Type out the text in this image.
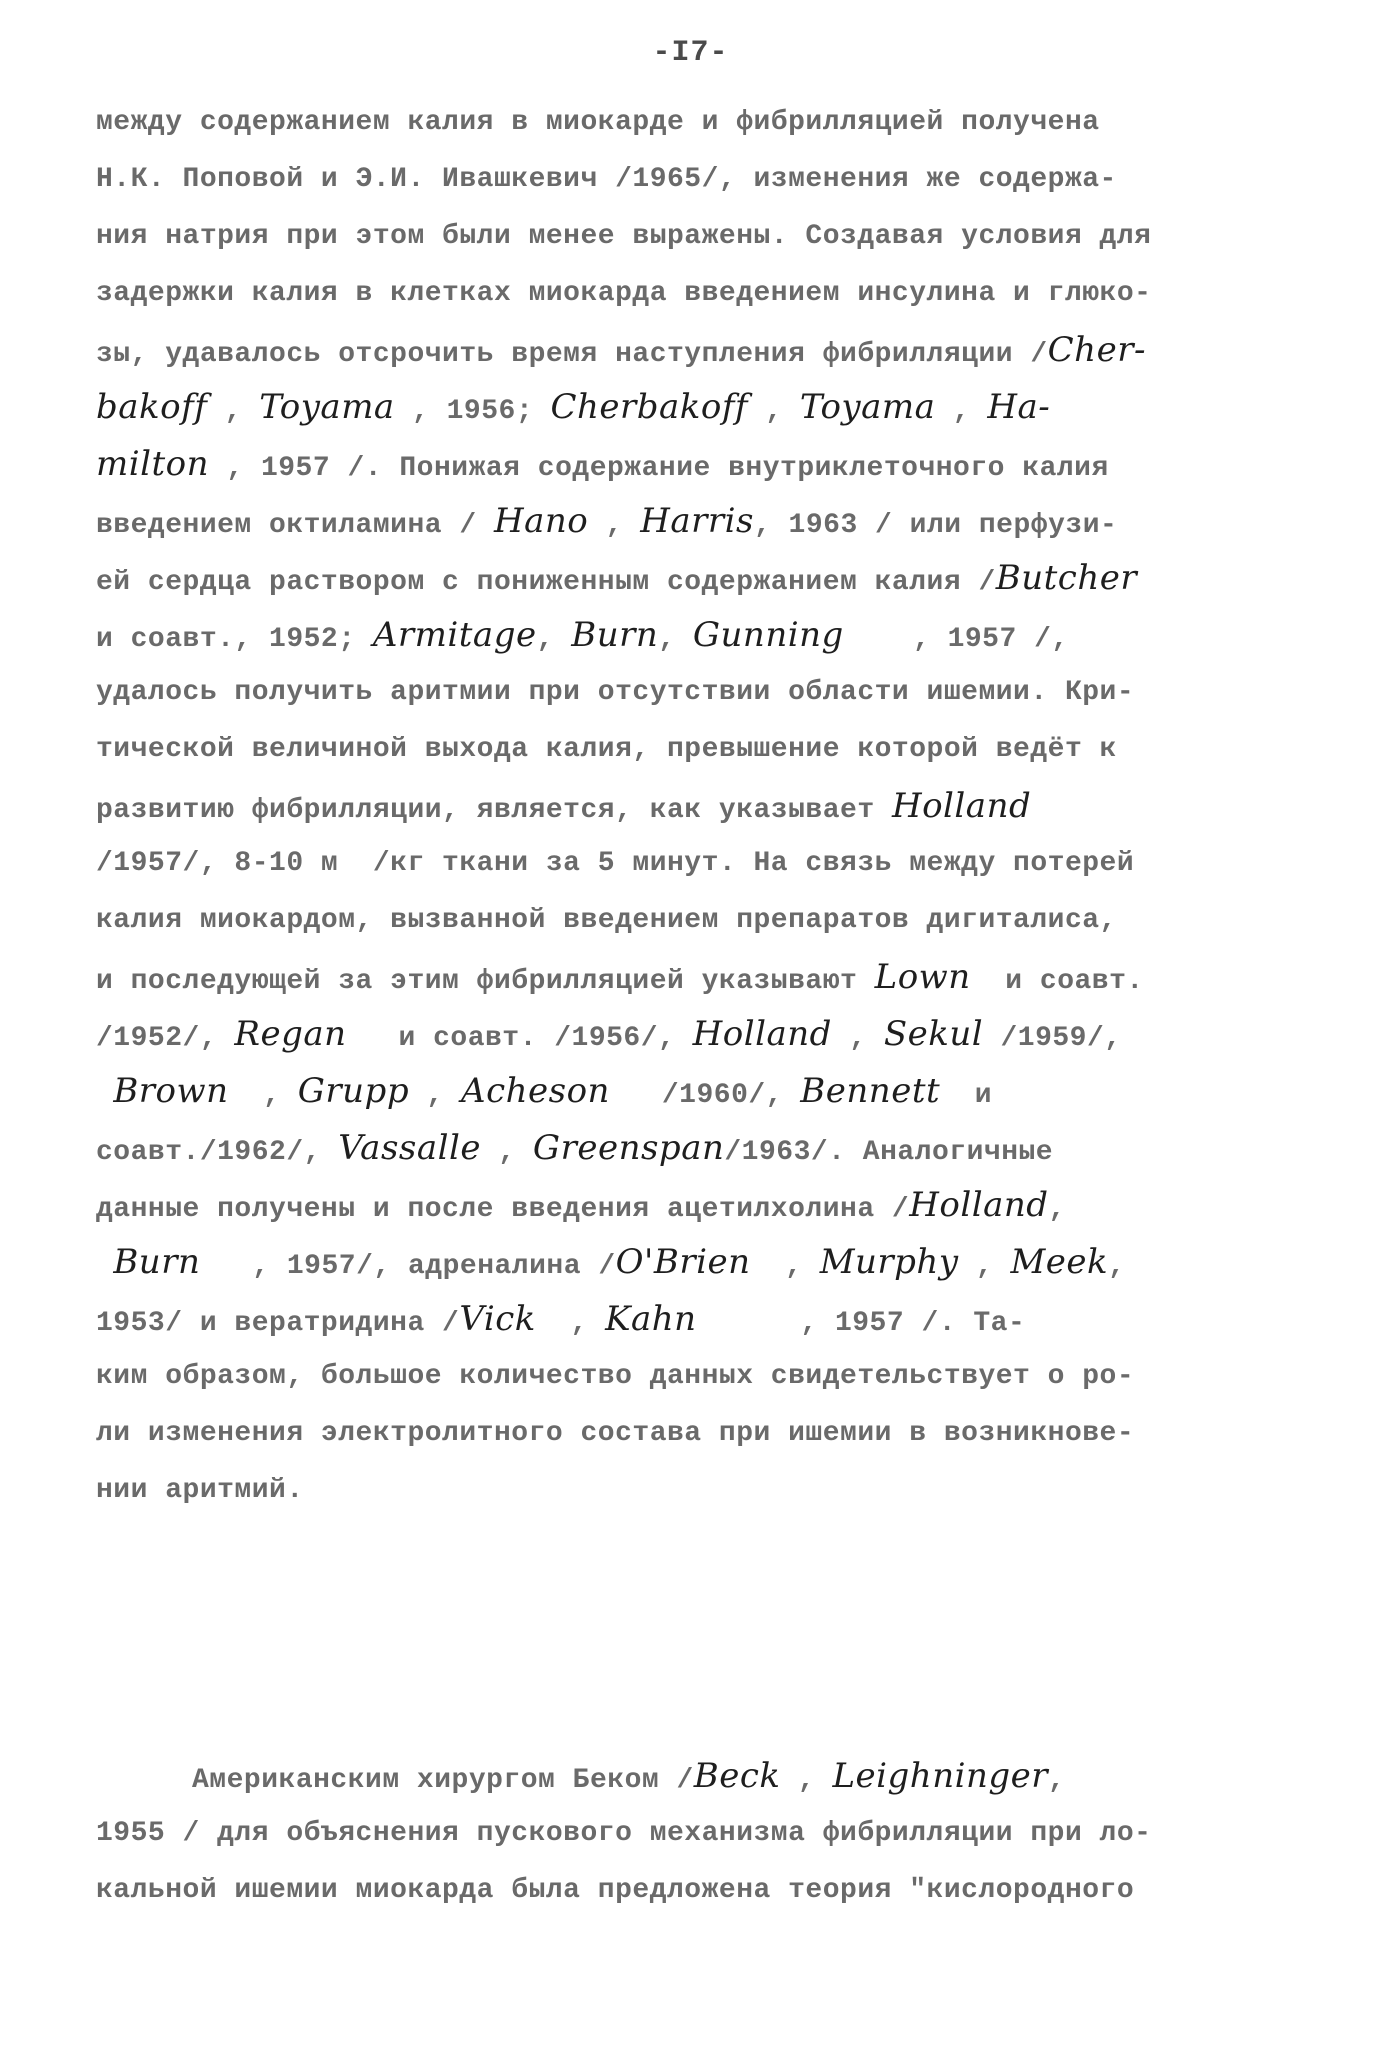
-I7-
между содержанием калия в миокарде и фибрилляцией получена
Н.К. Поповой и Э.И. Ивашкевич /1965/, изменения же содержа-
ния натрия при этом были менее выражены. Создавая условия для
задержки калия в клетках миокарда введением инсулина и глюко-
зы, удавалось отсрочить время наступления фибрилляции /Cher-
bakoff , Toyama , 1956; Cherbakoff , Toyama , Ha-
milton , 1957 /. Понижая содержание внутриклеточного калия
введением октиламина / Hano , Harris, 1963 / или перфузи-
ей сердца раствором с пониженным содержанием калия /Butcher
и соавт., 1952; Armitage, Burn, Gunning    , 1957 /,
удалось получить аритмии при отсутствии области ишемии. Кри-
тической величиной выхода калия, превышение которой ведёт к
развитию фибрилляции, является, как указывает Holland
/1957/, 8-10 м  /кг ткани за 5 минут. На связь между потерей
калия миокардом, вызванной введением препаратов дигиталиса,
и последующей за этим фибрилляцией указывают Lown  и соавт.
/1952/, Regan   и соавт. /1956/, Holland , Sekul /1959/,
Brown  , Grupp , Acheson   /1960/, Bennett  и
соавт./1962/, Vassalle , Greenspan/1963/. Аналогичные
данные получены и после введения ацетилхолина /Holland,
Burn   , 1957/, адреналина /O'Brien  , Murphy , Meek,
1953/ и вератридина /Vick  , Kahn      , 1957 /. Та-
ким образом, большое количество данных свидетельствует о ро-
ли изменения электролитного состава при ишемии в возникнове-
нии аритмий.
Американским хирургом Беком /Beck , Leighninger,
1955 / для объяснения пускового механизма фибрилляции при ло-
кальной ишемии миокарда была предложена теория "кислородного
